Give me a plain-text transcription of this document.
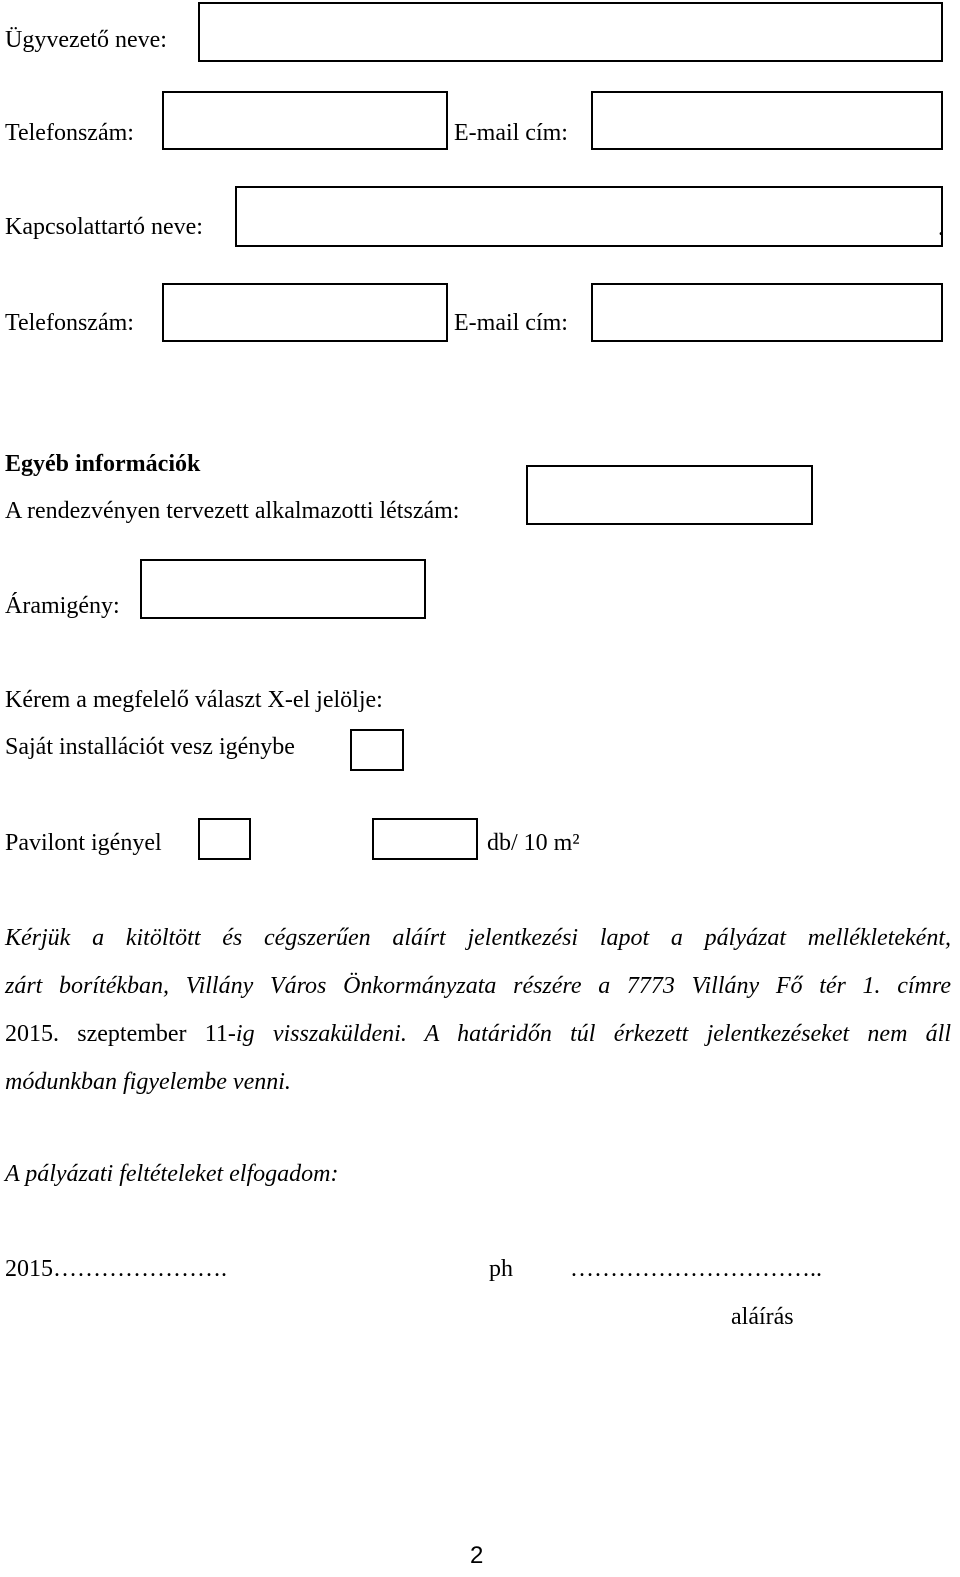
Ügyvezető neve:
Telefonszám:	E-mail cím:
Kapcsolattartó neve:	.
Telefonszám:	E-mail cím:
Egyéb információk
A rendezvényen tervezett alkalmazotti létszám:
Áramigény:
Kérem a megfelelő választ X-el jelölje:
Saját installációt vesz igénybe
Pavilont igényel	db/ 10 m²
Kérjük a kitöltött és cégszerűen aláírt jelentkezési lapot a pályázat mellékleteként,
zárt borítékban, Villány Város Önkormányzata részére a 7773 Villány Fő tér 1. címre
2015. szeptember 11-ig visszaküldeni. A határidőn túl érkezett jelentkezéseket nem áll
módunkban figyelembe venni.
A pályázati feltételeket elfogadom:
2015………………….	ph …………………………..
aláírás
2
